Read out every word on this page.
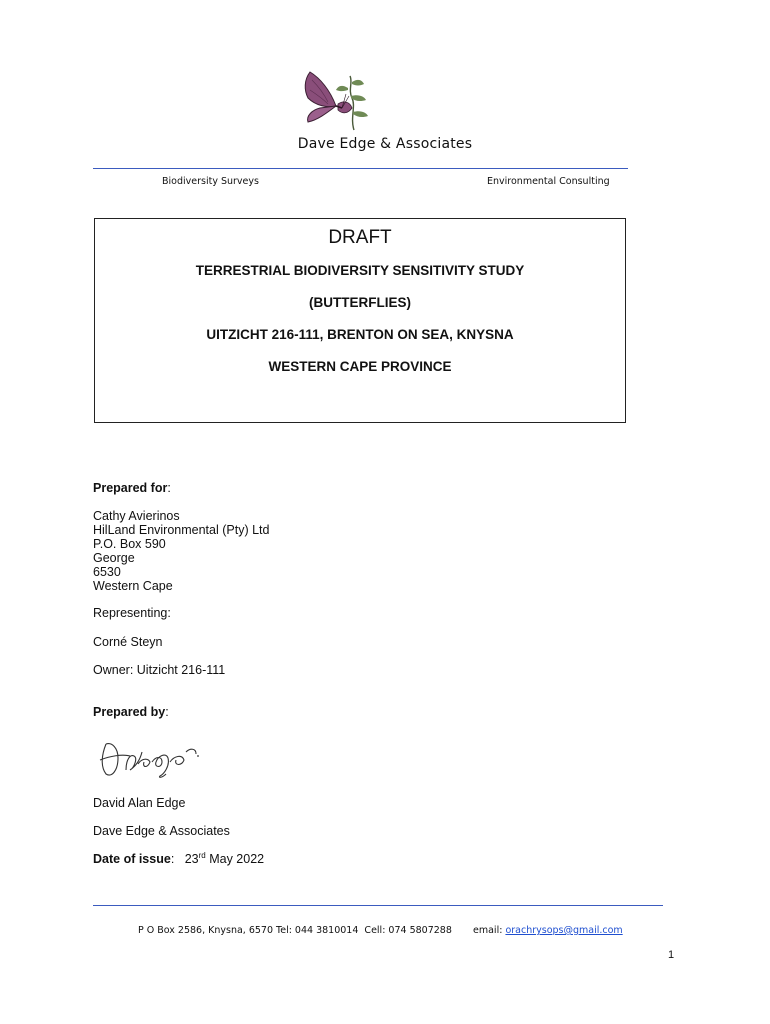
Dave Edge & Associates
Biodiversity Surveys	Environmental Consulting
DRAFT
TERRESTRIAL BIODIVERSITY SENSITIVITY STUDY
(BUTTERFLIES)
UITZICHT 216-111, BRENTON ON SEA, KNYSNA
WESTERN CAPE PROVINCE
Prepared for:
Cathy Avierinos
HilLand Environmental (Pty) Ltd
P.O. Box 590
George
6530
Western Cape
Representing:
Corné Steyn
Owner: Uitzicht 216-111
Prepared by:
David Alan Edge
Dave Edge & Associates
Date of issue: 23rd May 2022
P O Box 2586, Knysna, 6570 Tel: 044 3810014  Cell: 074 5807288       email: orachrysops@gmail.com
1
